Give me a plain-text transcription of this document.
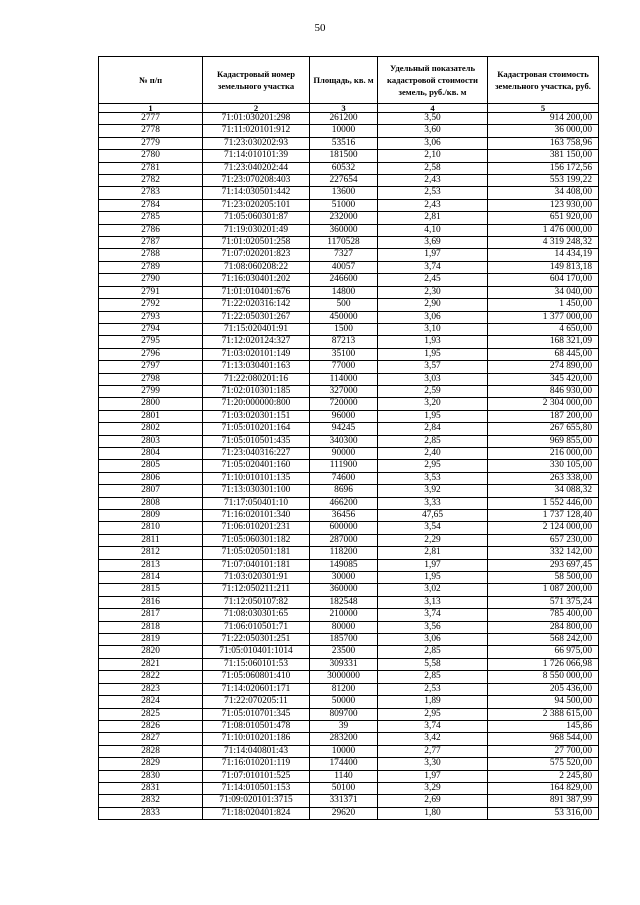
50
№ п/п	Кадастровый номер земельного участка	Площадь, кв. м	Удельный показатель кадастровой стоимости земель, руб./кв. м	Кадастровая стоимость земельного участка, руб.
1	2	3	4	5
2777	71:01:030201:298	261200	3,50	914 200,00
2778	71:11:020101:912	10000	3,60	36 000,00
2779	71:23:030202:93	53516	3,06	163 758,96
2780	71:14:010101:39	181500	2,10	381 150,00
2781	71:23:040202:44	60532	2,58	156 172,56
2782	71:23:070208:403	227654	2,43	553 199,22
2783	71:14:030501:442	13600	2,53	34 408,00
2784	71:23:020205:101	51000	2,43	123 930,00
2785	71:05:060301:87	232000	2,81	651 920,00
2786	71:19:030201:49	360000	4,10	1 476 000,00
2787	71:01:020501:258	1170528	3,69	4 319 248,32
2788	71:07:020201:823	7327	1,97	14 434,19
2789	71:08:060208:22	40057	3,74	149 813,18
2790	71:16:030401:202	246600	2,45	604 170,00
2791	71:01:010401:676	14800	2,30	34 040,00
2792	71:22:020316:142	500	2,90	1 450,00
2793	71:22:050301:267	450000	3,06	1 377 000,00
2794	71:15:020401:91	1500	3,10	4 650,00
2795	71:12:020124:327	87213	1,93	168 321,09
2796	71:03:020101:149	35100	1,95	68 445,00
2797	71:13:030401:163	77000	3,57	274 890,00
2798	71:22:080201:16	114000	3,03	345 420,00
2799	71:02:010301:185	327000	2,59	846 930,00
2800	71:20:000000:800	720000	3,20	2 304 000,00
2801	71:03:020301:151	96000	1,95	187 200,00
2802	71:05:010201:164	94245	2,84	267 655,80
2803	71:05:010501:435	340300	2,85	969 855,00
2804	71:23:040316:227	90000	2,40	216 000,00
2805	71:05:020401:160	111900	2,95	330 105,00
2806	71:10:010101:135	74600	3,53	263 338,00
2807	71:13:030301:100	8696	3,92	34 088,32
2808	71:17:050401:10	466200	3,33	1 552 446,00
2809	71:16:020101:340	36456	47,65	1 737 128,40
2810	71:06:010201:231	600000	3,54	2 124 000,00
2811	71:05:060301:182	287000	2,29	657 230,00
2812	71:05:020501:181	118200	2,81	332 142,00
2813	71:07:040101:181	149085	1,97	293 697,45
2814	71:03:020301:91	30000	1,95	58 500,00
2815	71:12:050211:211	360000	3,02	1 087 200,00
2816	71:12:050107:82	182548	3,13	571 375,24
2817	71:08:030301:65	210000	3,74	785 400,00
2818	71:06:010501:71	80000	3,56	284 800,00
2819	71:22:050301:251	185700	3,06	568 242,00
2820	71:05:010401:1014	23500	2,85	66 975,00
2821	71:15:060101:53	309331	5,58	1 726 066,98
2822	71:05:060801:410	3000000	2,85	8 550 000,00
2823	71:14:020601:171	81200	2,53	205 436,00
2824	71:22:070205:11	50000	1,89	94 500,00
2825	71:05:010701:345	809700	2,95	2 388 615,00
2826	71:08:010501:478	39	3,74	145,86
2827	71:10:010201:186	283200	3,42	968 544,00
2828	71:14:040801:43	10000	2,77	27 700,00
2829	71:16:010201:119	174400	3,30	575 520,00
2830	71:07:010101:525	1140	1,97	2 245,80
2831	71:14:010501:153	50100	3,29	164 829,00
2832	71:09:020101:3715	331371	2,69	891 387,99
2833	71:18:020401:824	29620	1,80	53 316,00
